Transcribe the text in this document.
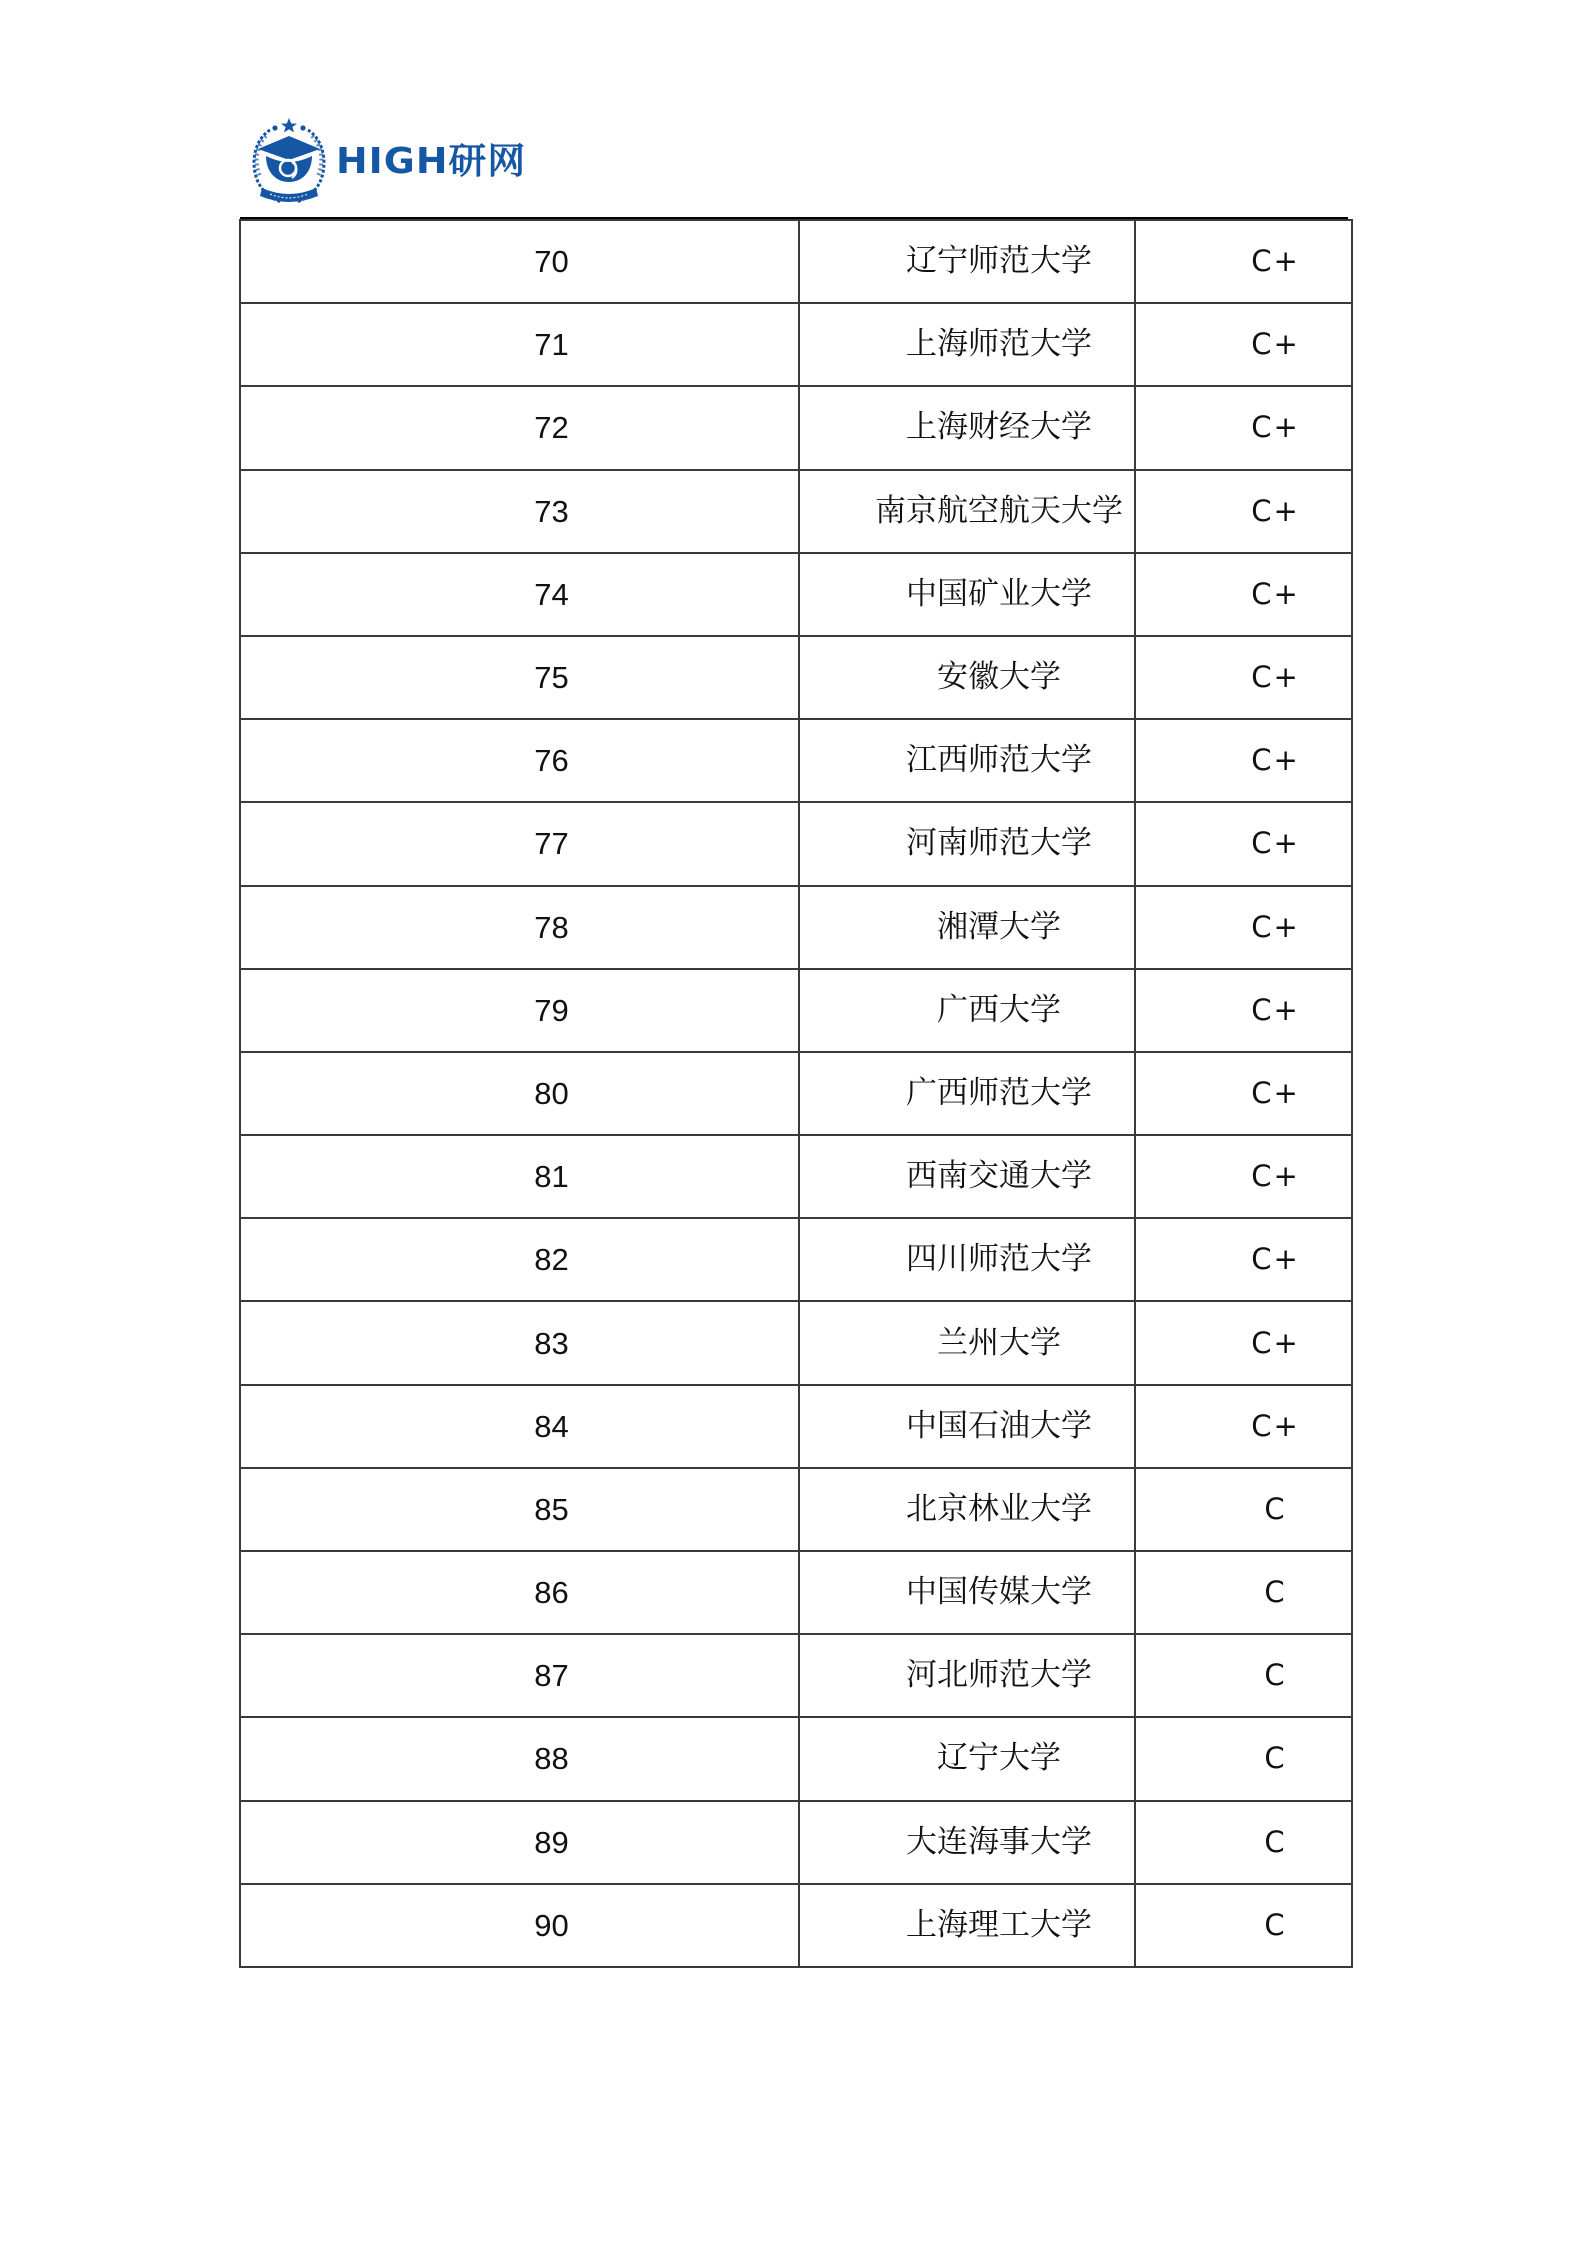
HIGH研网
70	辽宁师范大学	C+
71	上海师范大学	C+
72	上海财经大学	C+
73	南京航空航天大学	C+
74	中国矿业大学	C+
75	安徽大学	C+
76	江西师范大学	C+
77	河南师范大学	C+
78	湘潭大学	C+
79	广西大学	C+
80	广西师范大学	C+
81	西南交通大学	C+
82	四川师范大学	C+
83	兰州大学	C+
84	中国石油大学	C+
85	北京林业大学	C
86	中国传媒大学	C
87	河北师范大学	C
88	辽宁大学	C
89	大连海事大学	C
90	上海理工大学	C
